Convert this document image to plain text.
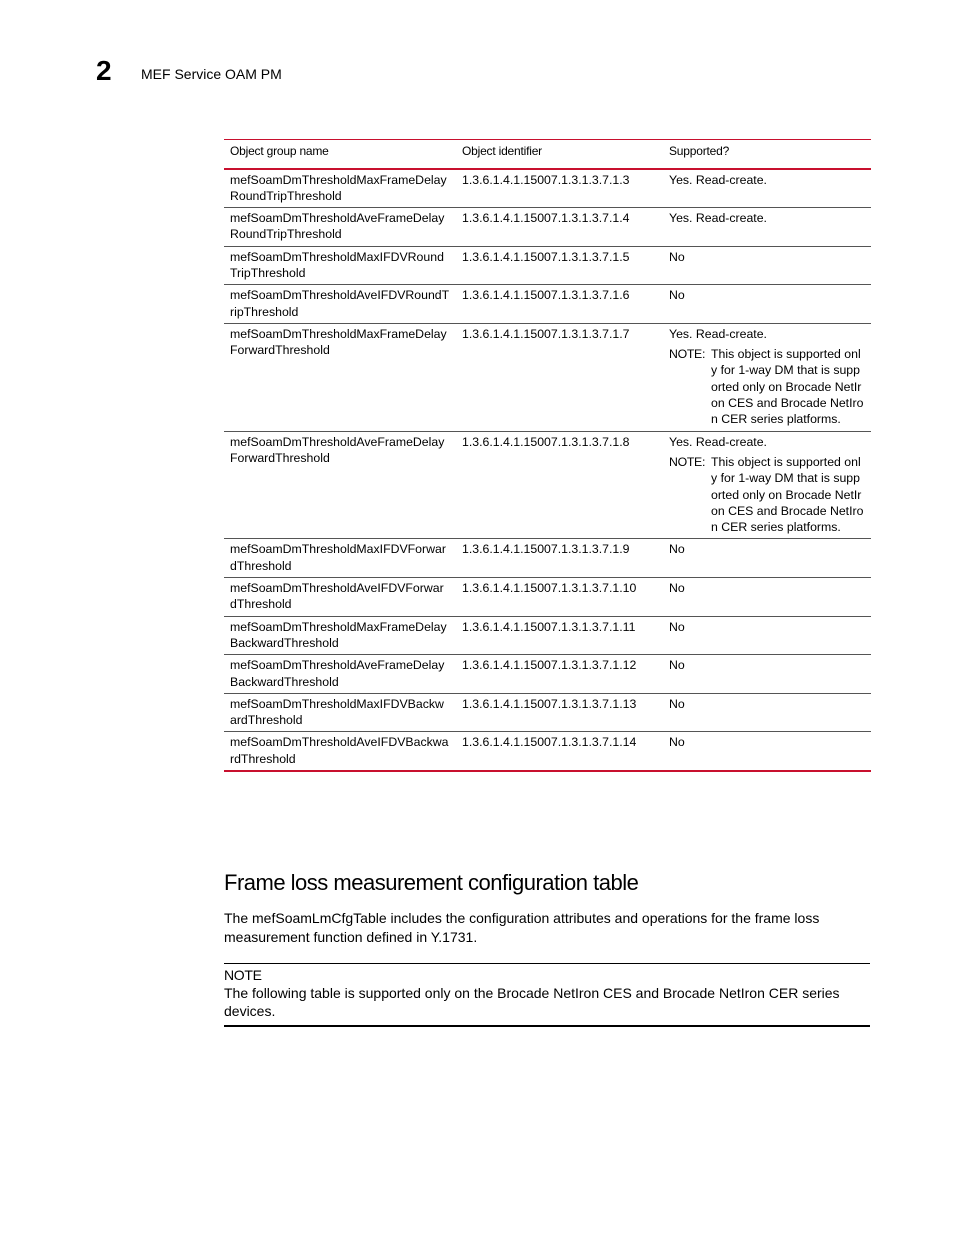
2 MEF Service OAM PM
Object group name	Object identifier	Supported?
mefSoamDmThresholdMaxFrameDelayRoundTripThreshold	1.3.6.1.4.1.15007.1.3.1.3.7.1.3	Yes. Read-create.

mefSoamDmThresholdAveFrameDelayRoundTripThreshold	1.3.6.1.4.1.15007.1.3.1.3.7.1.4	Yes. Read-create.

mefSoamDmThresholdMaxIFDVRoundTripThreshold	1.3.6.1.4.1.15007.1.3.1.3.7.1.5	No

mefSoamDmThresholdAveIFDVRoundTripThreshold	1.3.6.1.4.1.15007.1.3.1.3.7.1.6	No

mefSoamDmThresholdMaxFrameDelayForwardThreshold	1.3.6.1.4.1.15007.1.3.1.3.7.1.7	Yes. Read-create.
NOTE: This object is supported only for 1-way DM that is supported only on Brocade NetIron CES and Brocade NetIron CER series platforms.

mefSoamDmThresholdAveFrameDelayForwardThreshold	1.3.6.1.4.1.15007.1.3.1.3.7.1.8	Yes. Read-create.
NOTE: This object is supported only for 1-way DM that is supported only on Brocade NetIron CES and Brocade NetIron CER series platforms.

mefSoamDmThresholdMaxIFDVForwardThreshold	1.3.6.1.4.1.15007.1.3.1.3.7.1.9	No

mefSoamDmThresholdAveIFDVForwardThreshold	1.3.6.1.4.1.15007.1.3.1.3.7.1.10	No

mefSoamDmThresholdMaxFrameDelayBackwardThreshold	1.3.6.1.4.1.15007.1.3.1.3.7.1.11	No

mefSoamDmThresholdAveFrameDelayBackwardThreshold	1.3.6.1.4.1.15007.1.3.1.3.7.1.12	No

mefSoamDmThresholdMaxIFDVBackwardThreshold	1.3.6.1.4.1.15007.1.3.1.3.7.1.13	No

mefSoamDmThresholdAveIFDVBackwardThreshold	1.3.6.1.4.1.15007.1.3.1.3.7.1.14	No
Frame loss measurement configuration table
The mefSoamLmCfgTable includes the configuration attributes and operations for the frame loss measurement function defined in Y.1731.
NOTE
The following table is supported only on the Brocade NetIron CES and Brocade NetIron CER series devices.
